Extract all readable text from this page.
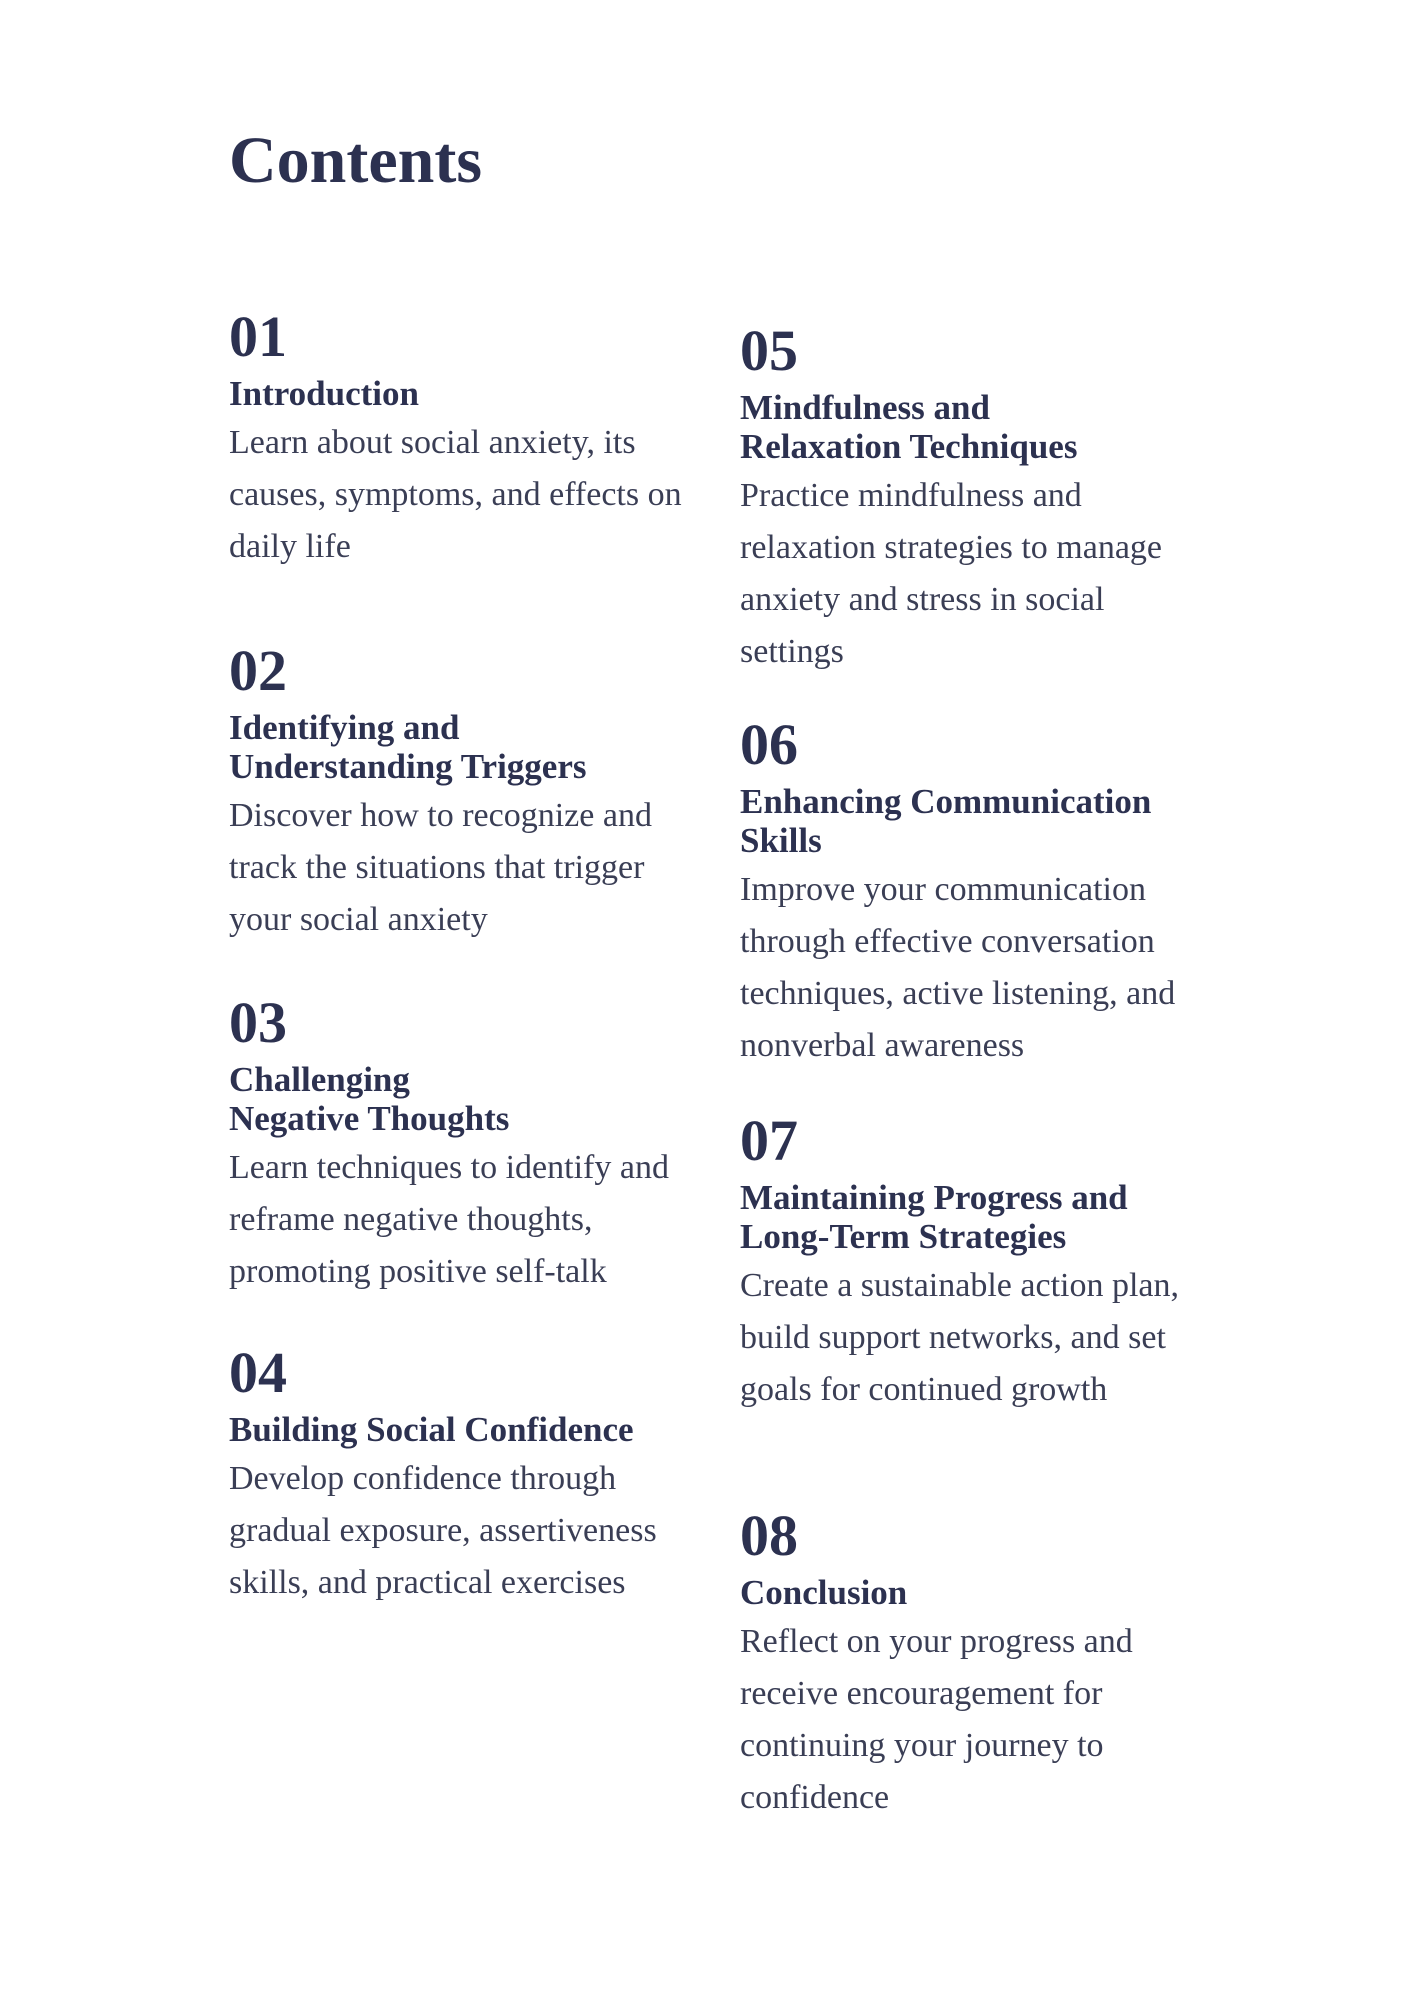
Contents
01
Introduction
Learn about social anxiety, its causes, symptoms, and effects on daily life
02
Identifying and
Understanding Triggers
Discover how to recognize and track the situations that trigger your social anxiety
03
Challenging
Negative Thoughts
Learn techniques to identify and reframe negative thoughts, promoting positive self-talk
04
Building Social Confidence
Develop confidence through gradual exposure, assertiveness skills, and practical exercises
05
Mindfulness and
Relaxation Techniques
Practice mindfulness and relaxation strategies to manage anxiety and stress in social settings
06
Enhancing Communication
Skills
Improve your communication through effective conversation techniques, active listening, and nonverbal awareness
07
Maintaining Progress and
Long-Term Strategies
Create a sustainable action plan, build support networks, and set goals for continued growth
08
Conclusion
Reflect on your progress and receive encouragement for continuing your journey to confidence
